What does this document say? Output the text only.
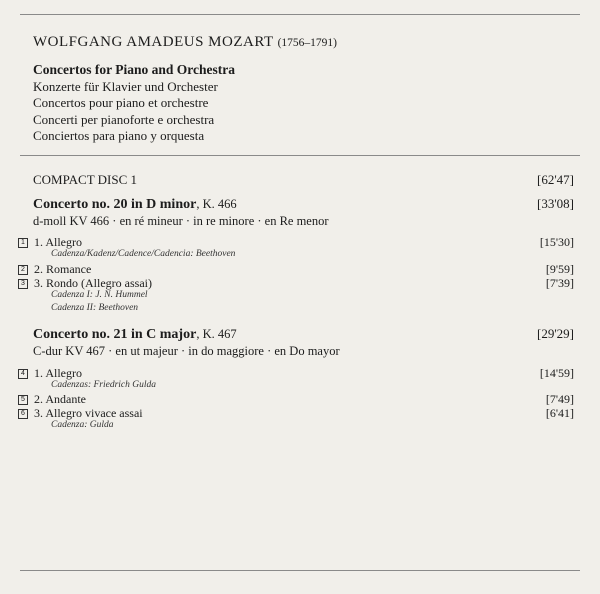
WOLFGANG AMADEUS MOZART (1756–1791)
Concertos for Piano and Orchestra
Konzerte für Klavier und Orchester
Concertos pour piano et orchestre
Concerti per pianoforte e orchestra
Conciertos para piano y orquesta
COMPACT DISC 1	[62'47]
Concerto no. 20 in D minor, K. 466	[33'08]
d-moll KV 466 · en ré mineur · in re minore · en Re menor
1 1. Allegro	[15'30]
Cadenza/Kadenz/Cadence/Cadencia: Beethoven
2 2. Romance	[9'59]
3 3. Rondo (Allegro assai)	[7'39]
Cadenza I: J. N. Hummel
Cadenza II: Beethoven
Concerto no. 21 in C major, K. 467	[29'29]
C-dur KV 467 · en ut majeur · in do maggiore · en Do mayor
4 1. Allegro	[14'59]
Cadenzas: Friedrich Gulda
5 2. Andante	[7'49]
6 3. Allegro vivace assai	[6'41]
Cadenza: Gulda
